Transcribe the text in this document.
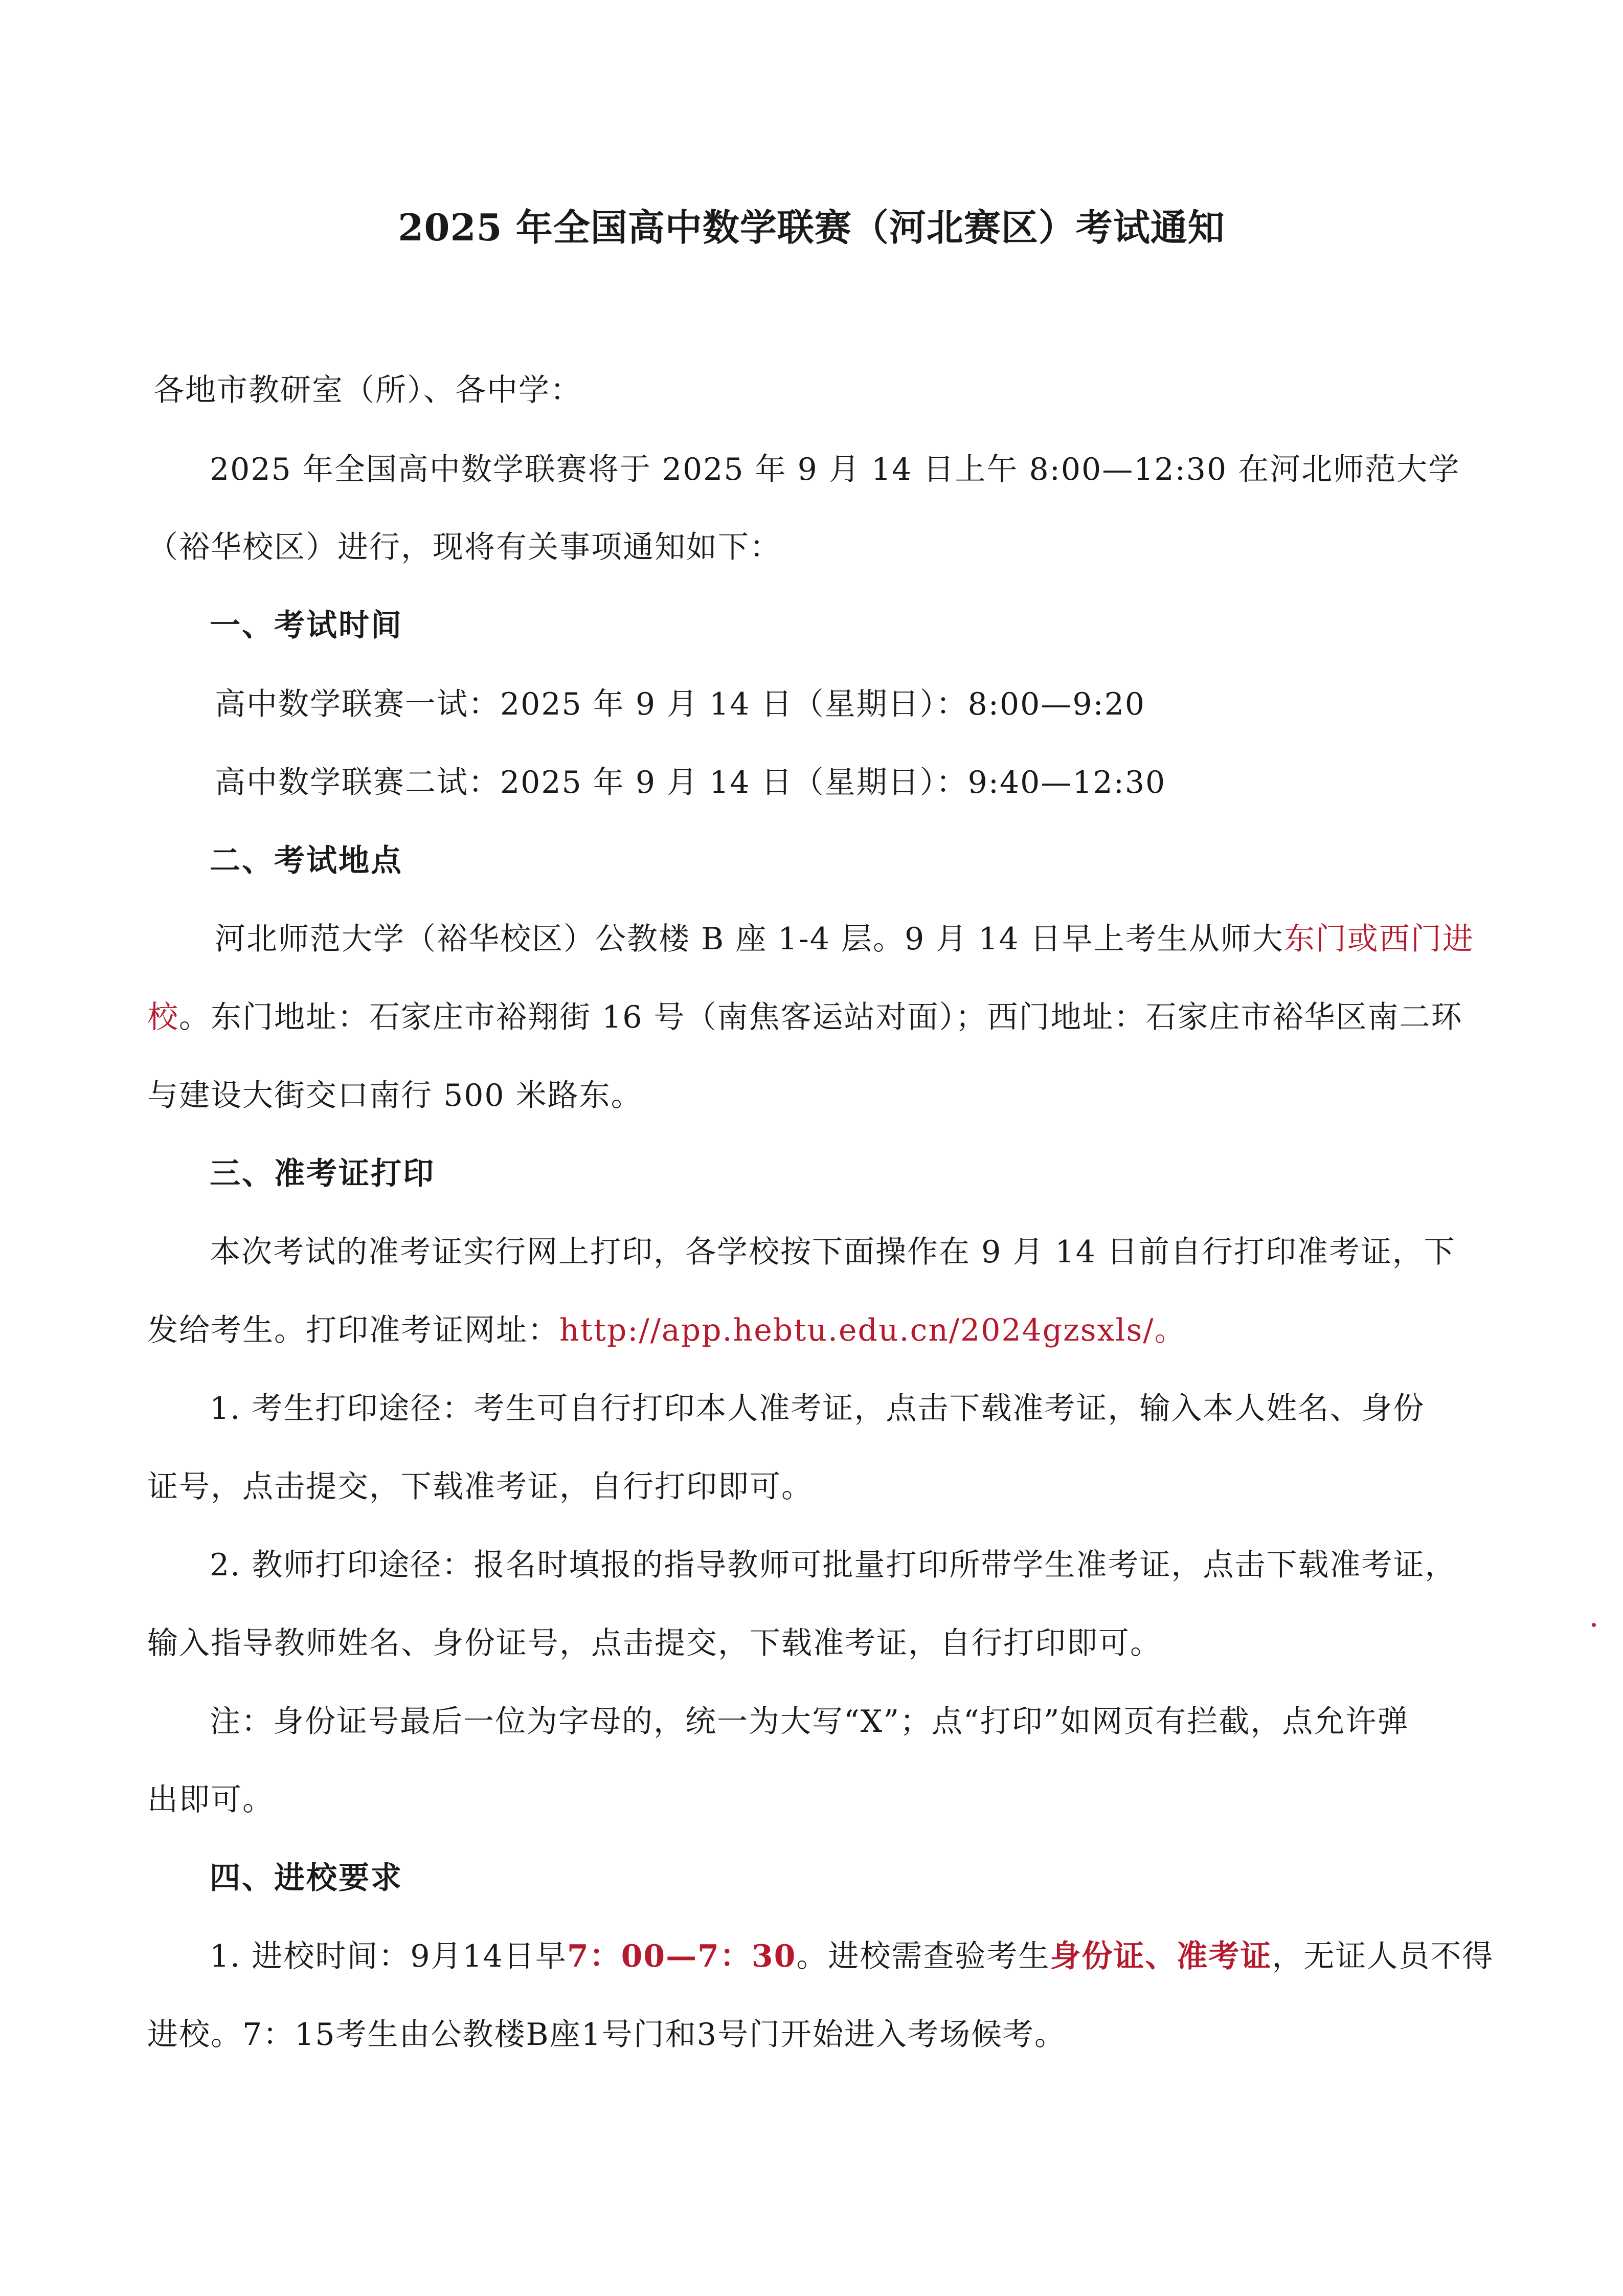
2025 年全国高中数学联赛（河北赛区）考试通知
各地市教研室（所）、各中学：
2025 年全国高中数学联赛将于 2025 年 9 月 14 日上午 8:00—12:30 在河北师范大学
（裕华校区）进行，现将有关事项通知如下：
一、考试时间
高中数学联赛一试：2025 年 9 月 14 日（星期日）：8:00—9:20
高中数学联赛二试：2025 年 9 月 14 日（星期日）：9:40—12:30
二、考试地点
河北师范大学（裕华校区）公教楼 B 座 1-4 层。9 月 14 日早上考生从师大东门或西门进
校。东门地址：石家庄市裕翔街 16 号（南焦客运站对面）；西门地址：石家庄市裕华区南二环
与建设大街交口南行 500 米路东。
三、准考证打印
本次考试的准考证实行网上打印，各学校按下面操作在 9 月 14 日前自行打印准考证，下
发给考生。打印准考证网址：http://app.hebtu.edu.cn/2024gzsxls/。
1. 考生打印途径：考生可自行打印本人准考证，点击下载准考证，输入本人姓名、身份
证号，点击提交，下载准考证，自行打印即可。
2. 教师打印途径：报名时填报的指导教师可批量打印所带学生准考证，点击下载准考证，
输入指导教师姓名、身份证号，点击提交，下载准考证，自行打印即可。
注：身份证号最后一位为字母的，统一为大写“X”；点“打印”如网页有拦截，点允许弹
出即可。
四、进校要求
1. 进校时间：9月14日早7：00—7：30。进校需查验考生身份证、准考证，无证人员不得
进校。7：15考生由公教楼B座1号门和3号门开始进入考场候考。
